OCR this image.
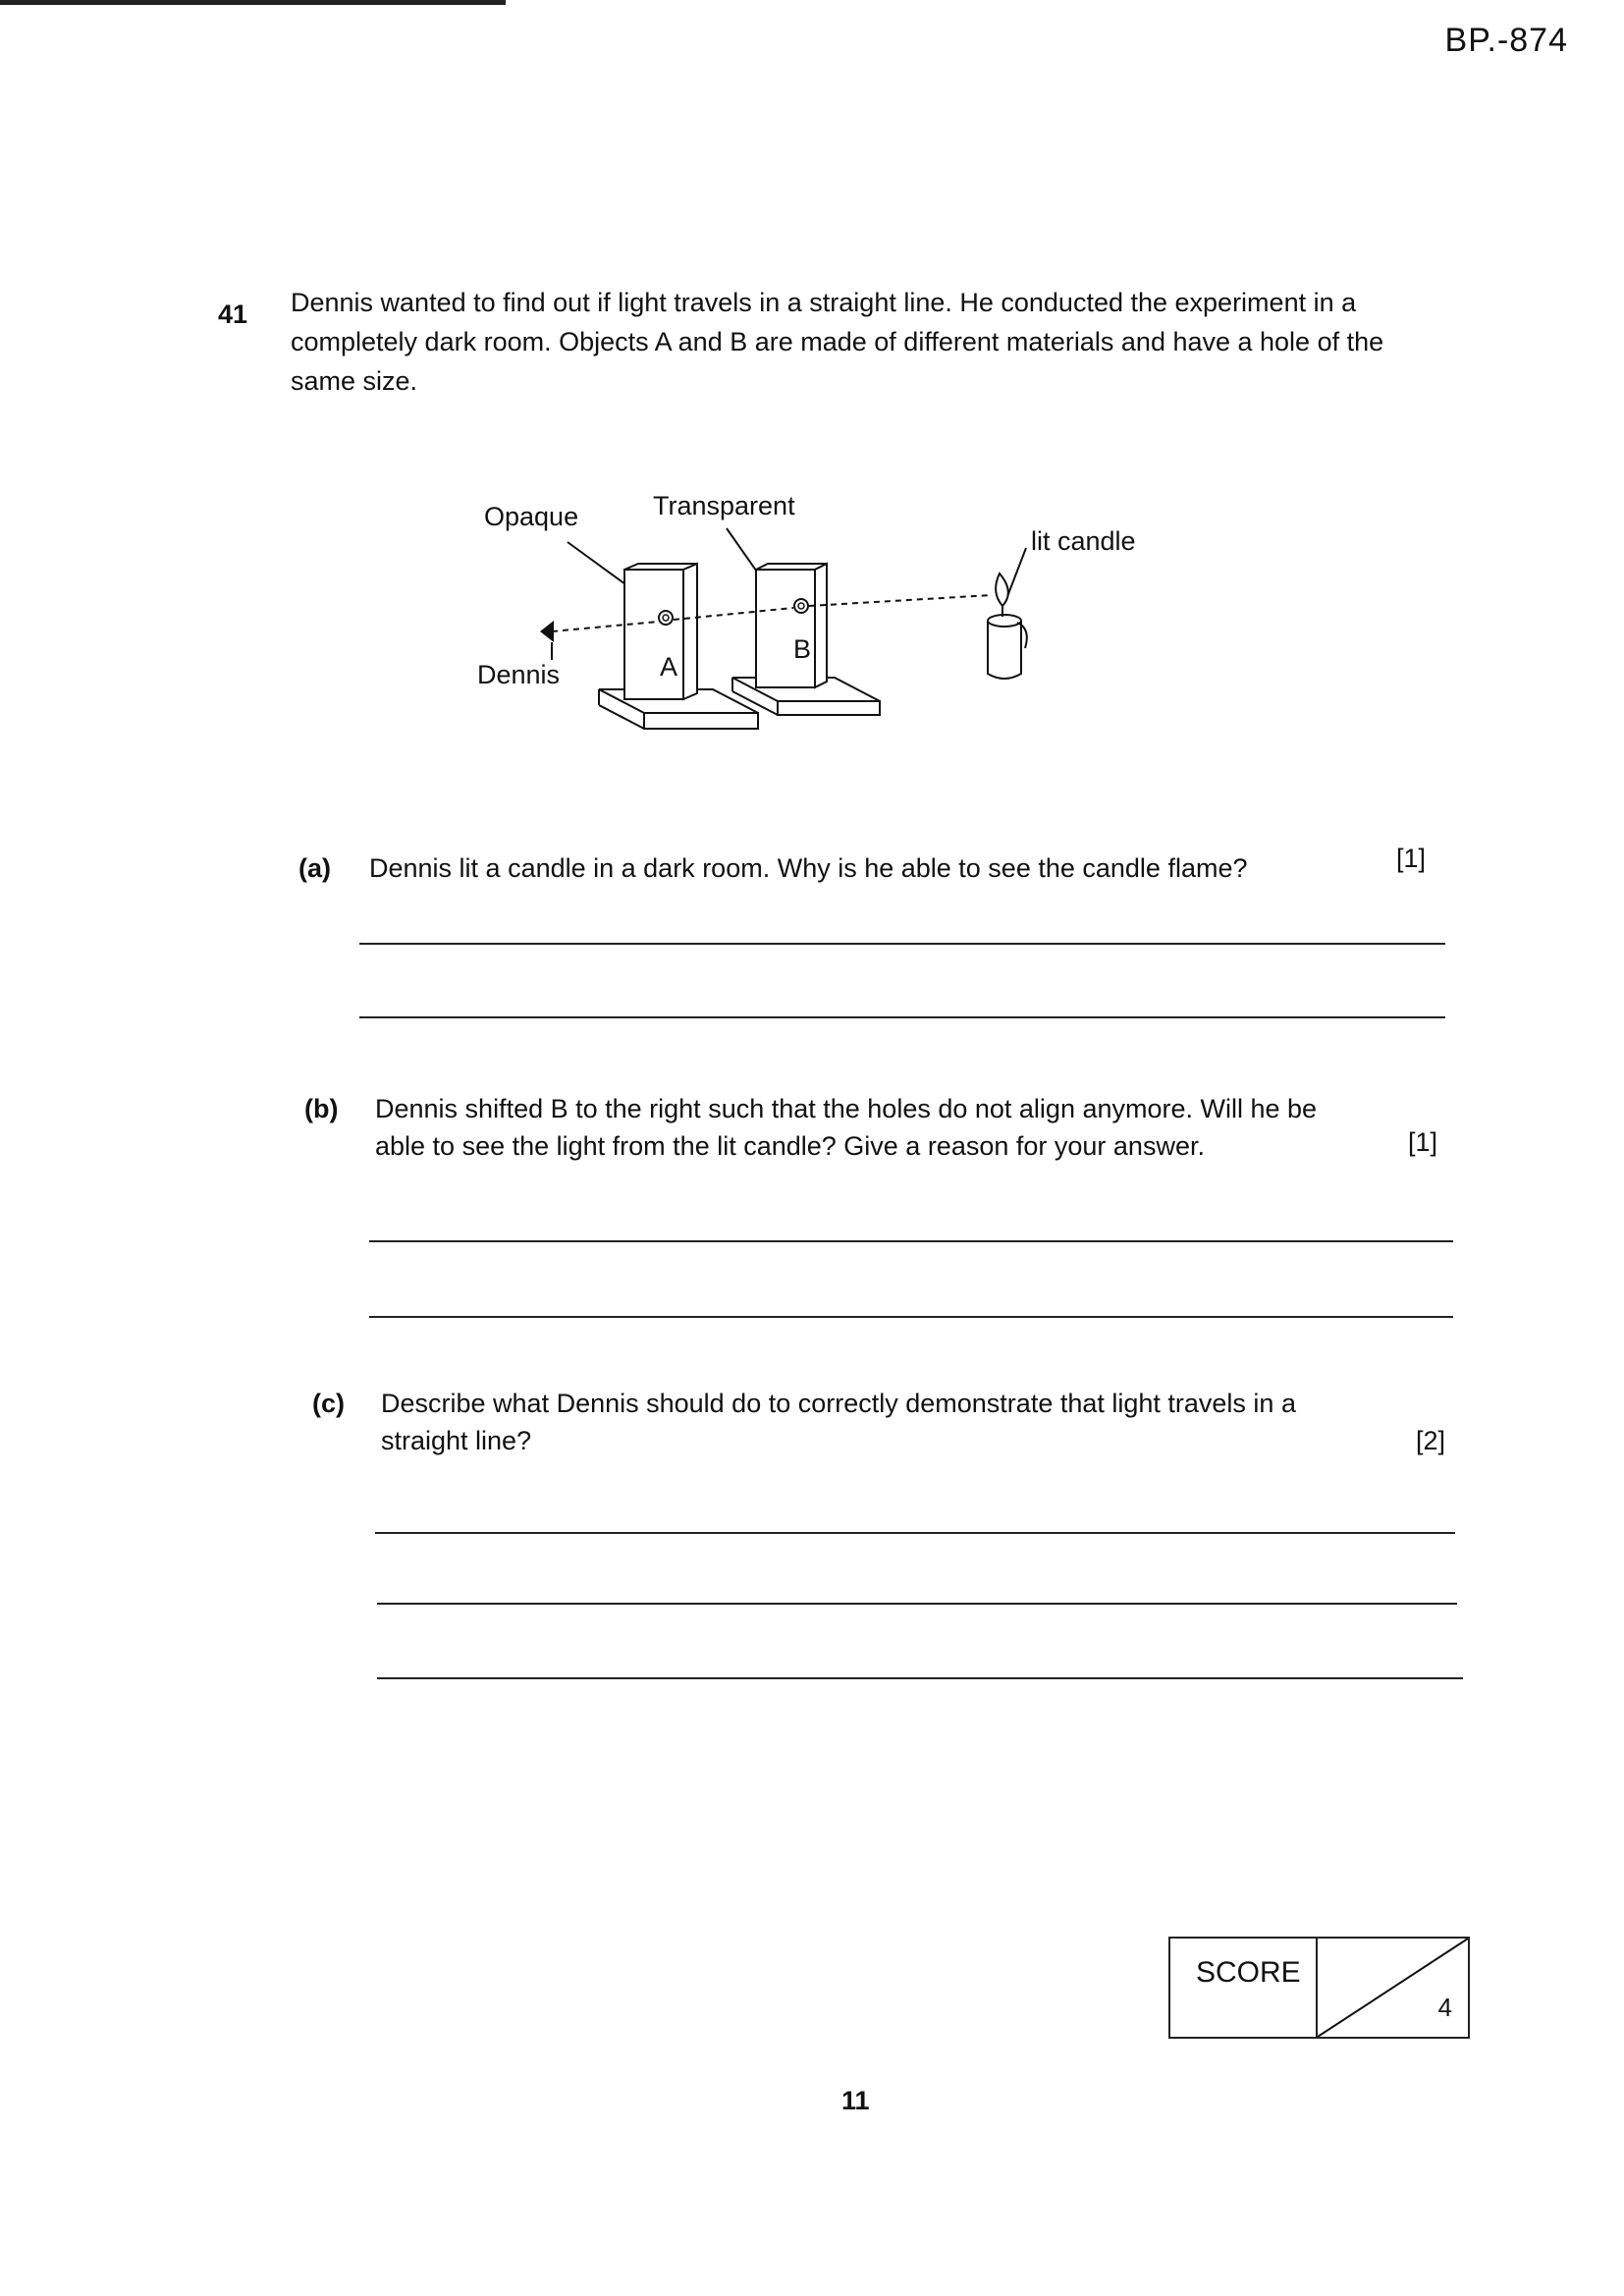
BP.-874
41 Dennis wanted to find out if light travels in a straight line. He conducted the experiment in a completely dark room. Objects A and B are made of different materials and have a hole of the same size.
Opaque	Transparent
lit candle
Dennis	A
B
(a) Dennis lit a candle in a dark room. Why is he able to see the candle flame?	[1]
(b) Dennis shifted B to the right such that the holes do not align anymore. Will he be able to see the light from the lit candle? Give a reason for your answer.	[1]
(c) Describe what Dennis should do to correctly demonstrate that light travels in a straight line?	[2]
SCORE
4
11
